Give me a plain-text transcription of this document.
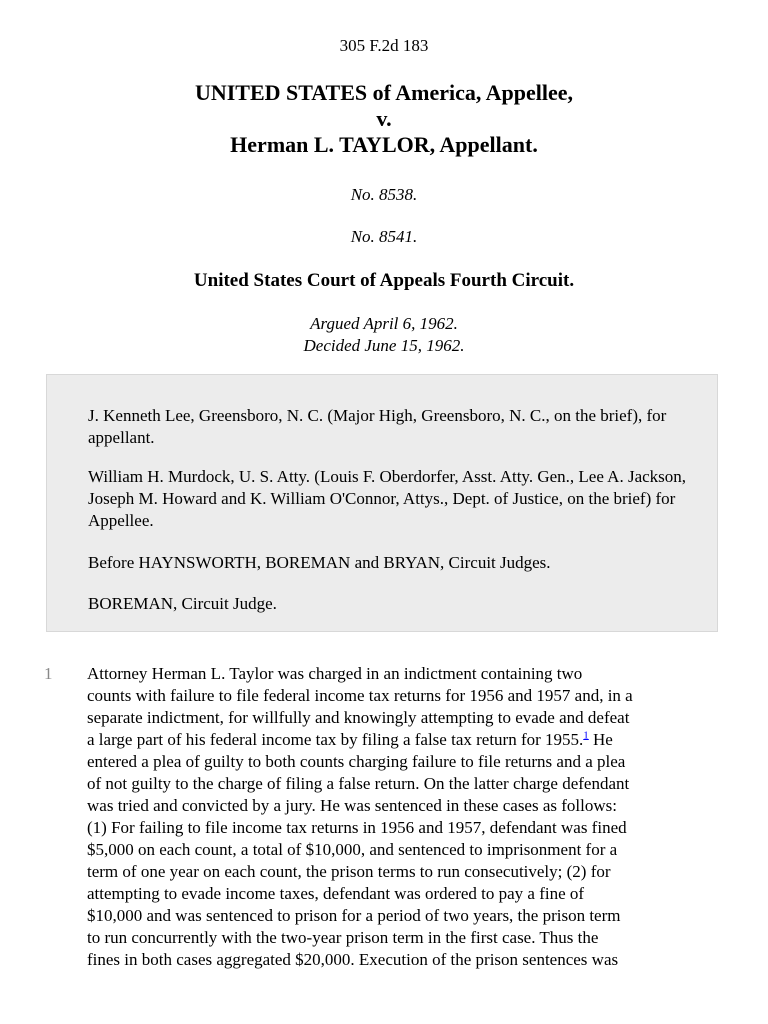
305 F.2d 183
UNITED STATES of America, Appellee,
v.
Herman L. TAYLOR, Appellant.
No. 8538.
No. 8541.
United States Court of Appeals Fourth Circuit.
Argued April 6, 1962.
Decided June 15, 1962.

J. Kenneth Lee, Greensboro, N. C. (Major High, Greensboro, N. C., on the brief), for appellant.

William H. Murdock, U. S. Atty. (Louis F. Oberdorfer, Asst. Atty. Gen., Lee A. Jackson, Joseph M. Howard and K. William O'Connor, Attys., Dept. of Justice, on the brief) for Appellee.

Before HAYNSWORTH, BOREMAN and BRYAN, Circuit Judges.

BOREMAN, Circuit Judge.

1 Attorney Herman L. Taylor was charged in an indictment containing two
counts with failure to file federal income tax returns for 1956 and 1957 and, in a
separate indictment, for willfully and knowingly attempting to evade and defeat
a large part of his federal income tax by filing a false tax return for 1955.$^1$ He
entered a plea of guilty to both counts charging failure to file returns and a plea
of not guilty to the charge of filing a false return. On the latter charge defendant
was tried and convicted by a jury. He was sentenced in these cases as follows:
(1) For failing to file income tax returns in 1956 and 1957, defendant was fined
$5,000 on each count, a total of $10,000, and sentenced to imprisonment for a
term of one year on each count, the prison terms to run consecutively; (2) for
attempting to evade income taxes, defendant was ordered to pay a fine of
$10,000 and was sentenced to prison for a period of two years, the prison term
to run concurrently with the two-year prison term in the first case. Thus the
fines in both cases aggregated $20,000. Execution of the prison sentences was
